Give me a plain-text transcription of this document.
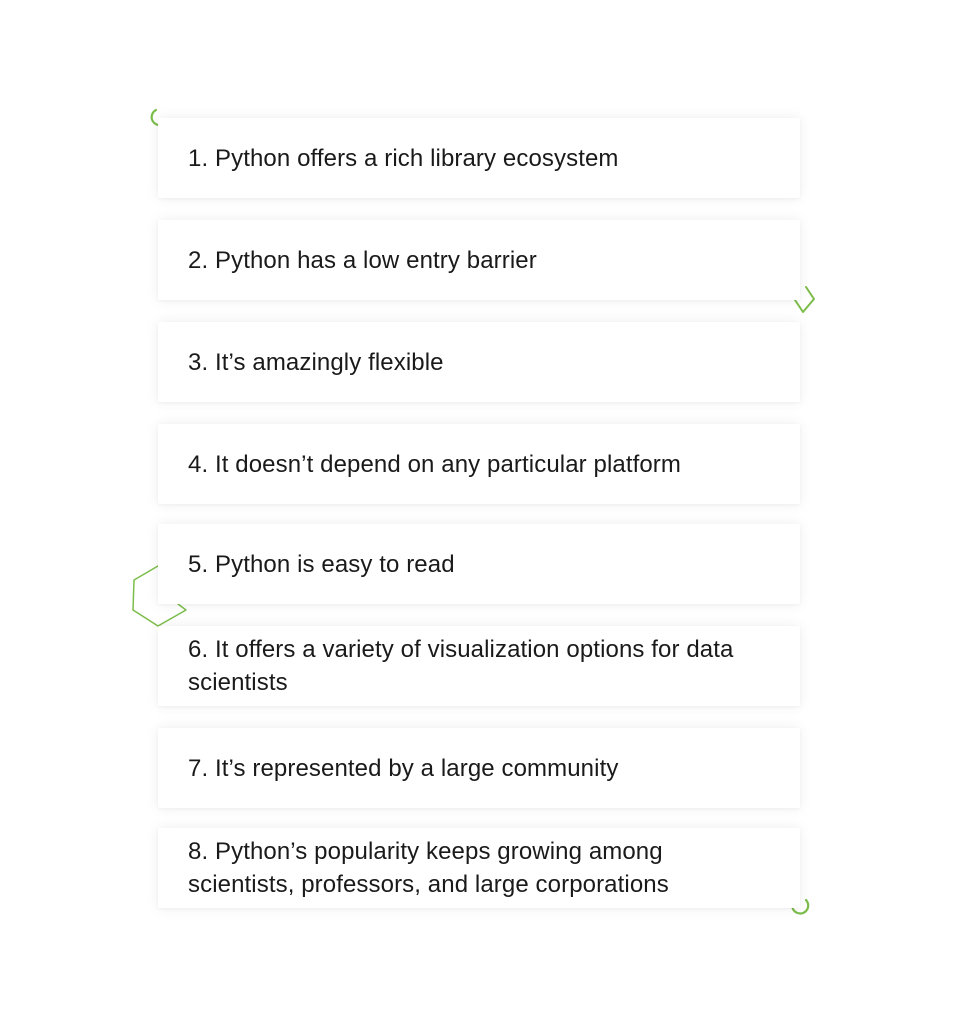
1. Python offers a rich library ecosystem
2. Python has a low entry barrier
3. It’s amazingly flexible
4. It doesn’t depend on any particular platform
5. Python is easy to read
6. It offers a variety of visualization options for data scientists
7. It’s represented by a large community
8. Python’s popularity keeps growing among scientists, professors, and large corporations
